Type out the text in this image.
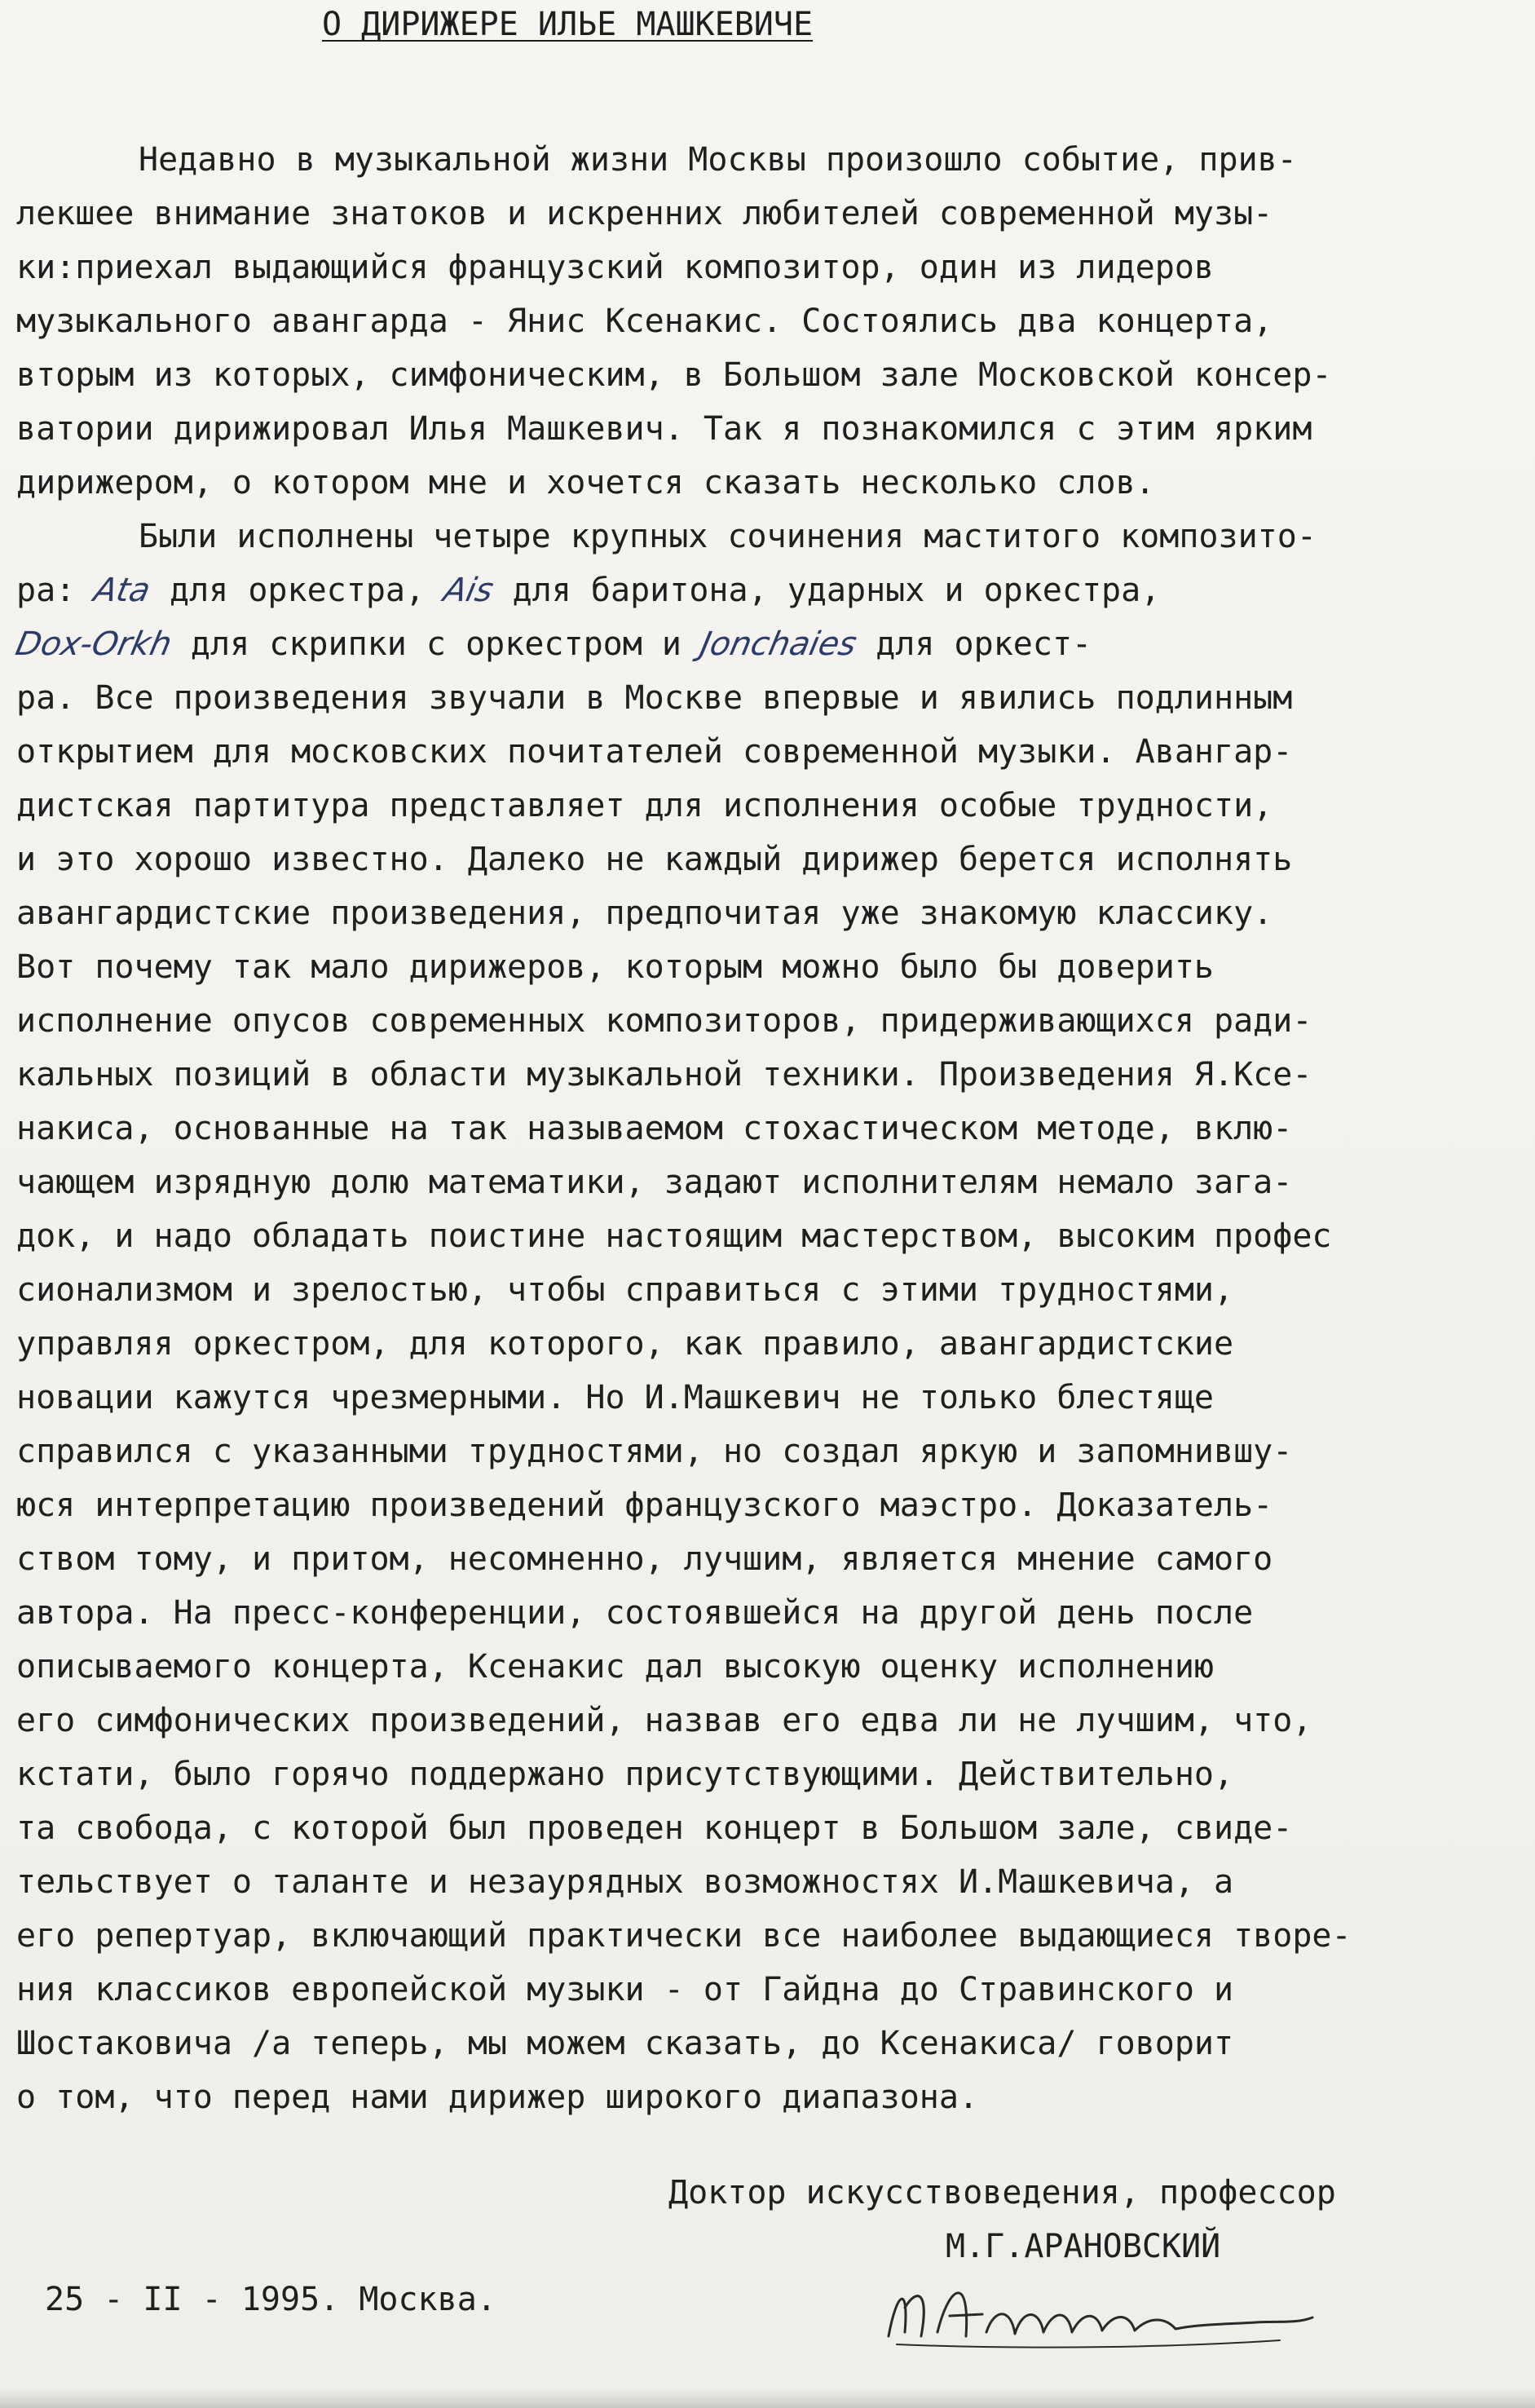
О ДИРИЖЕРЕ ИЛЬЕ МАШКЕВИЧЕ
Недавно в музыкальной жизни Москвы произошло событие, прив-
лекшее внимание знатоков и искренних любителей современной музы-
ки:приехал выдающийся французский композитор, один из лидеров
музыкального авангарда - Янис Ксенакис. Состоялись два концерта,
вторым из которых, симфоническим, в Большом зале Московской консер-
ватории дирижировал Илья Машкевич. Так я познакомился с этим ярким
дирижером, о котором мне и хочется сказать несколько слов.
Были исполнены четыре крупных сочинения маститого композито-
ра: Ata для оркестра, Ais для баритона, ударных и оркестра,
Dox-Orkh для скрипки с оркестром и Jonchaies для оркест-
ра. Все произведения звучали в Москве впервые и явились подлинным
открытием для московских почитателей современной музыки. Авангар-
дистская партитура представляет для исполнения особые трудности,
и это хорошо известно. Далеко не каждый дирижер берется исполнять
авангардистские произведения, предпочитая уже знакомую классику.
Вот почему так мало дирижеров, которым можно было бы доверить
исполнение опусов современных композиторов, придерживающихся ради-
кальных позиций в области музыкальной техники. Произведения Я.Ксе-
накиса, основанные на так называемом стохастическом методе, вклю-
чающем изрядную долю математики, задают исполнителям немало зага-
док, и надо обладать поистине настоящим мастерством, высоким профес
сионализмом и зрелостью, чтобы справиться с этими трудностями,
управляя оркестром, для которого, как правило, авангардистские
новации кажутся чрезмерными. Но И.Машкевич не только блестяще
справился с указанными трудностями, но создал яркую и запомнившу-
юся интерпретацию произведений французского маэстро. Доказатель-
ством тому, и притом, несомненно, лучшим, является мнение самого
автора. На пресс-конференции, состоявшейся на другой день после
описываемого концерта, Ксенакис дал высокую оценку исполнению
его симфонических произведений, назвав его едва ли не лучшим, что,
кстати, было горячо поддержано присутствующими. Действительно,
та свобода, с которой был проведен концерт в Большом зале, свиде-
тельствует о таланте и незаурядных возможностях И.Машкевича, а
его репертуар, включающий практически все наиболее выдающиеся творе-
ния классиков европейской музыки - от Гайдна до Стравинского и
Шостаковича /а теперь, мы можем сказать, до Ксенакиса/ говорит
о том, что перед нами дирижер широкого диапазона.
Доктор искусствоведения, профессор
М.Г.АРАНОВСКИЙ
25 - II - 1995. Москва.
